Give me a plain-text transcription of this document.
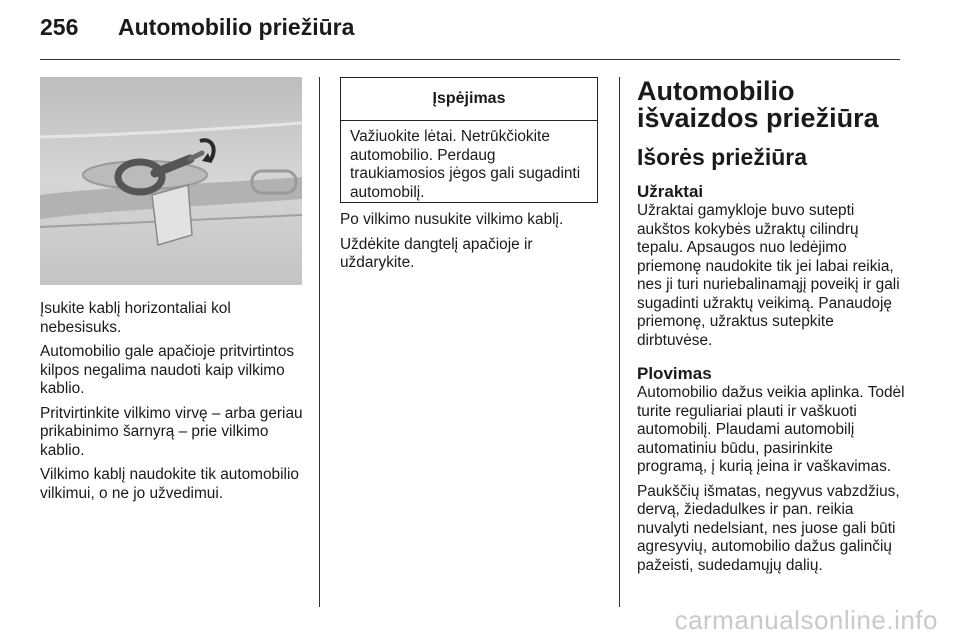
256 Automobilio priežiūra

Įsukite kablį horizontaliai kol nebesisuks.

Automobilio gale apačioje pritvirtintos kilpos negalima naudoti kaip vilkimo kablio.

Pritvirtinkite vilkimo virvę – arba geriau prikabinimo šarnyrą – prie vilkimo kablio.

Vilkimo kablį naudokite tik automobilio vilkimui, o ne jo užvedimui.

Įspėjimas
Važiuokite lėtai. Netrūkčiokite automobilio. Perdaug traukiamosios jėgos gali sugadinti automobilį.

Po vilkimo nusukite vilkimo kablį.

Uždėkite dangtelį apačioje ir uždarykite.

Automobilio išvaizdos priežiūra
Išorės priežiūra
Užraktai

Užraktai gamykloje buvo sutepti aukštos kokybės užraktų cilindrų tepalu. Apsaugos nuo ledėjimo priemonę naudokite tik jei labai reikia, nes ji turi nuriebalinamąjį poveikį ir gali sugadinti užraktų veikimą. Panaudoję priemonę, užraktus sutepkite dirbtuvėse.

Plovimas

Automobilio dažus veikia aplinka. Todėl turite reguliariai plauti ir vaškuoti automobilį. Plaudami automobilį automatiniu būdu, pasirinkite programą, į kurią įeina ir vaškavimas.

Paukščių išmatas, negyvus vabzdžius, dervą, žiedadulkes ir pan. reikia nuvalyti nedelsiant, nes juose gali būti agresyvių, automobilio dažus galinčių pažeisti, sudedamųjų dalių.

carmanualsonline.info
